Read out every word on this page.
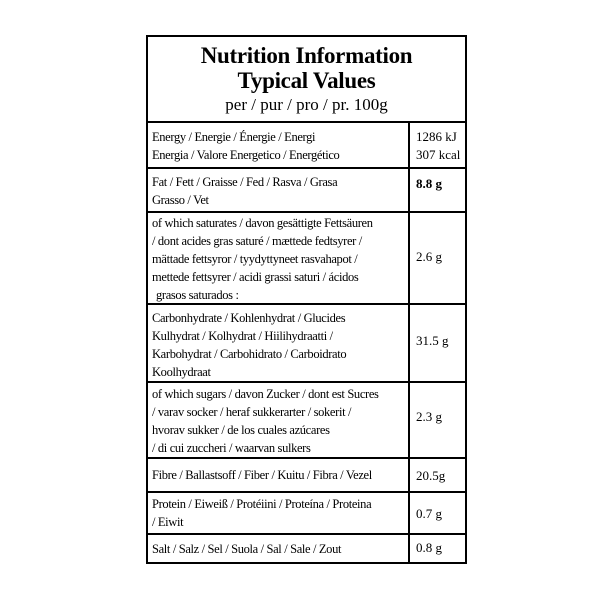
Nutrition Information
Typical Values
per / pur / pro / pr. 100g
Energy / Energie / Énergie / Energi
Energia / Valore Energetico / Energético
1286 kJ
307 kcal
Fat / Fett / Graisse / Fed / Rasva / Grasa
Grasso / Vet
8.8 g
of which saturates / davon gesättigte Fettsäuren
/ dont acides gras saturé / mættede fedtsyrer /
mättade fettsyror / tyydyttyneet rasvahapot /
mettede fettsyrer / acidi grassi saturi / ácidos
grasos saturados :
2.6 g
Carbonhydrate / Kohlenhydrat / Glucides
Kulhydrat / Kolhydrat / Hiilihydraatti /
Karbohydrat / Carbohidrato / Carboidrato
Koolhydraat
31.5 g
of which sugars / davon Zucker / dont est Sucres
/ varav socker / heraf sukkerarter / sokerit /
hvorav sukker / de los cuales azúcares
/ di cui zuccheri / waarvan sulkers
2.3 g
Fibre / Ballastsoff / Fiber / Kuitu / Fibra / Vezel	20.5g
Protein / Eiweiß / Protéiini / Proteína / Proteina
/ Eiwit
0.7 g
Salt / Salz / Sel / Suola / Sal / Sale / Zout	0.8 g
